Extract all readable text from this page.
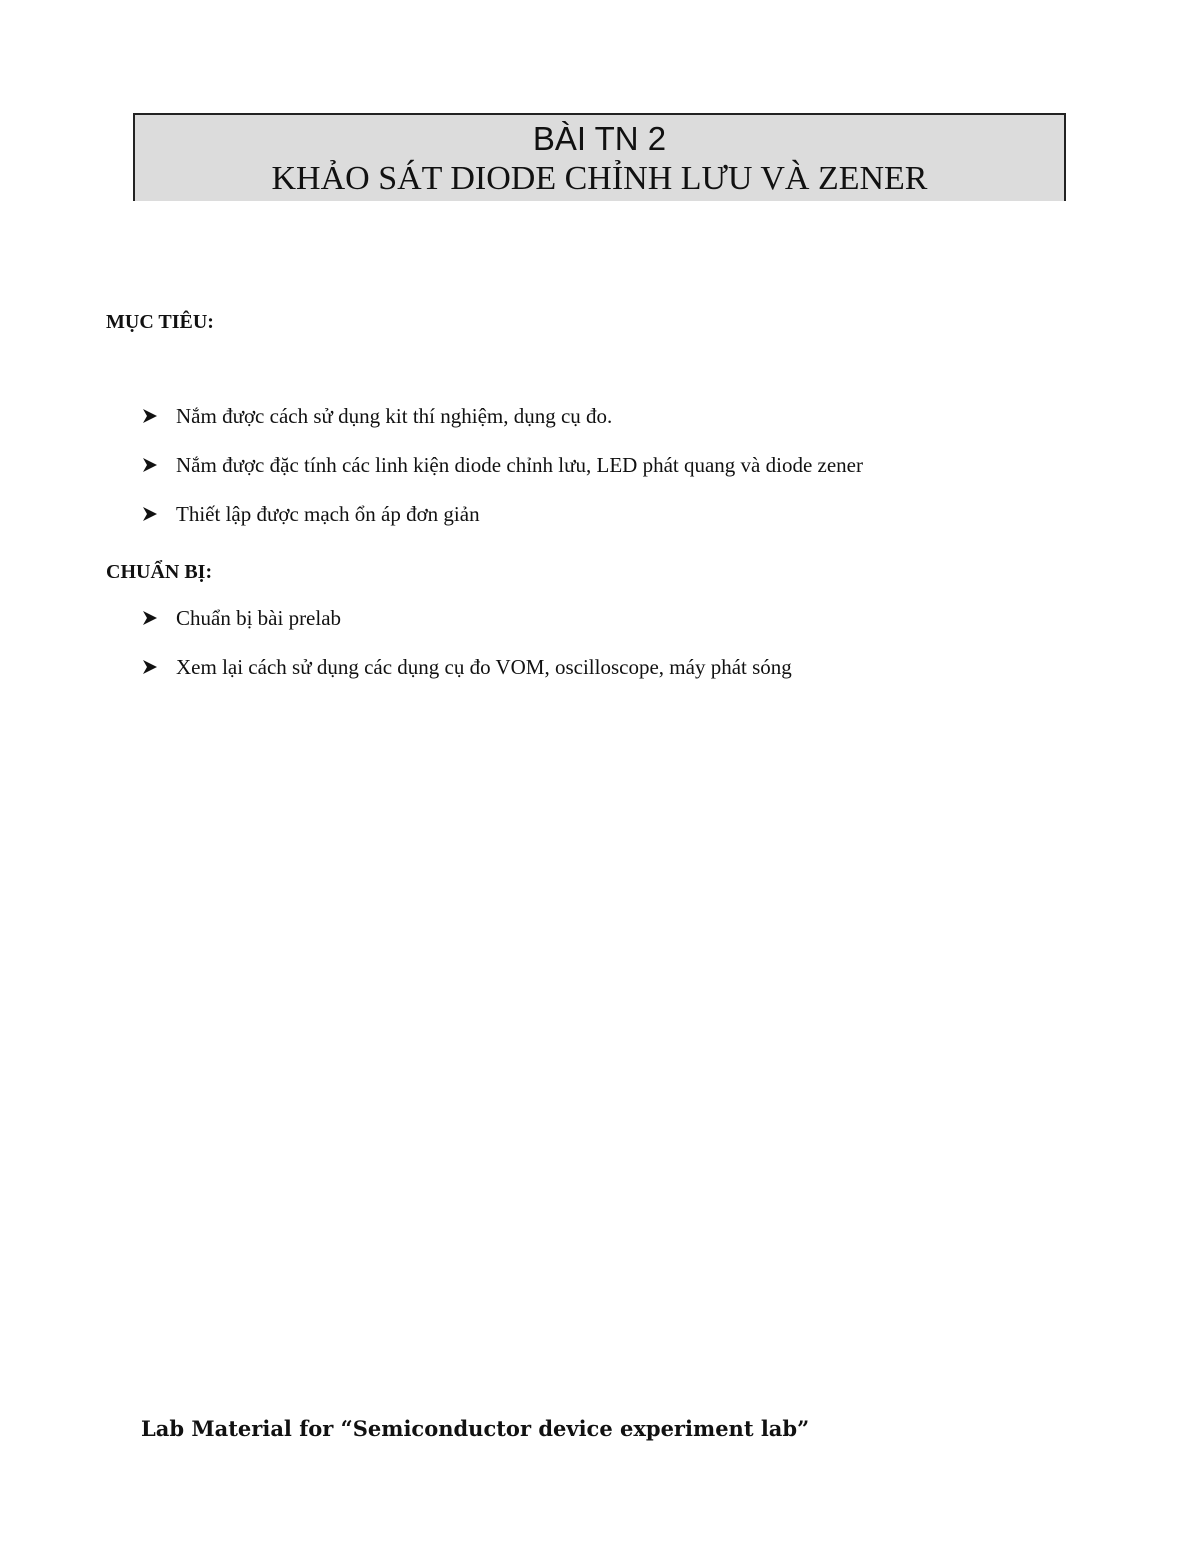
BÀI TN 2
KHẢO SÁT DIODE CHỈNH LƯU VÀ ZENER
MỤC TIÊU:
Nắm được cách sử dụng kit thí nghiệm, dụng cụ đo.
Nắm được đặc tính các linh kiện diode chỉnh lưu, LED phát quang và diode zener
Thiết lập được mạch ổn áp đơn giản
CHUẨN BỊ:
Chuẩn bị bài prelab
Xem lại cách sử dụng các dụng cụ đo VOM, oscilloscope, máy phát sóng
Lab Material for “Semiconductor device experiment lab”
